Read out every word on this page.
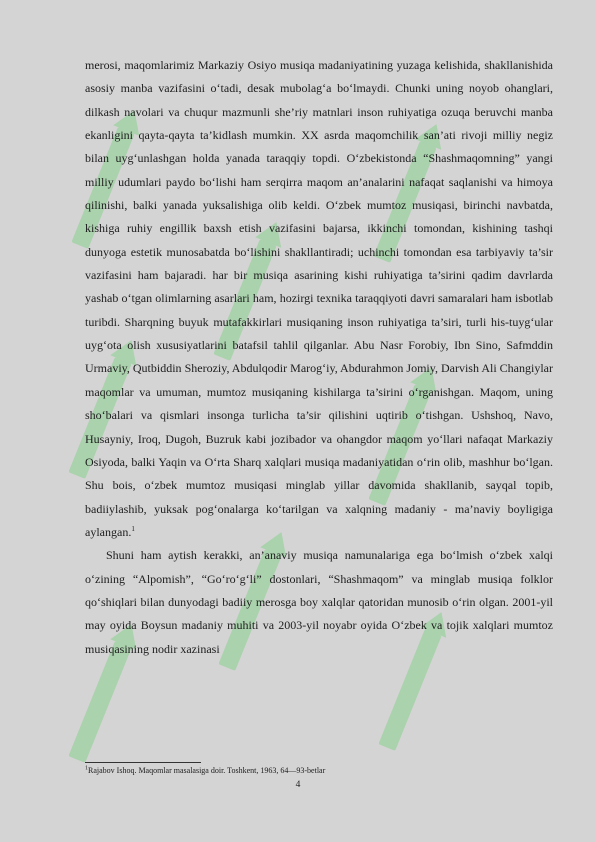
merosi, maqomlarimiz Markaziy Osiyo musiqa madaniyatining yuzaga kelishida, shakllanishida asosiy manba vazifasini o‘tadi, desak mubolag‘a bo‘lmaydi. Chunki uning noyob ohanglari, dilkash navolari va chuqur mazmunli she’riy matnlari inson ruhiyatiga ozuqa beruvchi manba ekanligini qayta-qayta ta’kidlash mumkin. XX asrda maqomchilik san’ati rivoji milliy negiz bilan uyg‘unlashgan holda yanada taraqqiy topdi. O‘zbekistonda “Shashmaqomning” yangi milliy udumlari paydo bo‘lishi ham serqirra maqom an’analarini nafaqat saqlanishi va himoya qilinishi, balki yanada yuksalishiga olib keldi. O‘zbek mumtoz musiqasi, birinchi navbatda, kishiga ruhiy engillik baxsh etish vazifasini bajarsa, ikkinchi tomondan, kishining tashqi dunyoga estetik munosabatda bo‘lishini shakllantiradi; uchinchi tomondan esa tarbiyaviy ta’sir vazifasini ham bajaradi. har bir musiqa asarining kishi ruhiyatiga ta’sirini qadim davrlarda yashab o‘tgan olimlarning asarlari ham, hozirgi texnika taraqqiyoti davri samaralari ham isbotlab turibdi. Sharqning buyuk mutafakkirlari musiqaning inson ruhiyatiga ta’siri, turli his-tuyg‘ular uyg‘ota olish xususiyatlarini batafsil tahlil qilganlar. Abu Nasr Forobiy, Ibn Sino, Safmddin Urmaviy, Qutbiddin Sheroziy, Abdulqodir Marog‘iy, Abdurahmon Jomiy, Darvish Ali Changiylar maqomlar va umuman, mumtoz musiqaning kishilarga ta’sirini o‘rganishgan. Maqom, uning sho‘balari va qismlari insonga turlicha ta’sir qilishini uqtirib o‘tishgan. Ushshoq, Navo, Husayniy, Iroq, Dugoh, Buzruk kabi jozibador va ohangdor maqom yo‘llari nafaqat Markaziy Osiyoda, balki Yaqin va O‘rta Sharq xalqlari musiqa madaniyatidan o‘rin olib, mashhur bo‘lgan. Shu bois, o‘zbek mumtoz musiqasi minglab yillar davomida shakllanib, sayqal topib, badiiylashib, yuksak pog‘onalarga ko‘tarilgan va xalqning madaniy - ma’naviy boyligiga aylangan.$^1$

Shuni ham aytish kerakki, an’anaviy musiqa namunalariga ega bo‘lmish o‘zbek xalqi o‘zining “Alpomish”, “Go‘ro‘g‘li” dostonlari, “Shashmaqom” va minglab musiqa folklor qo‘shiqlari bilan dunyodagi badiiy merosga boy xalqlar qatoridan munosib o‘rin olgan. 2001-yil may oyida Boysun madaniy muhiti va 2003-yil noyabr oyida O‘zbek va tojik xalqlari mumtoz musiqasining nodir xazinasi

$^1$Rajabov Ishoq. Maqomlar masalasiga doir. Toshkent, 1963, 64—93-betlar
4
